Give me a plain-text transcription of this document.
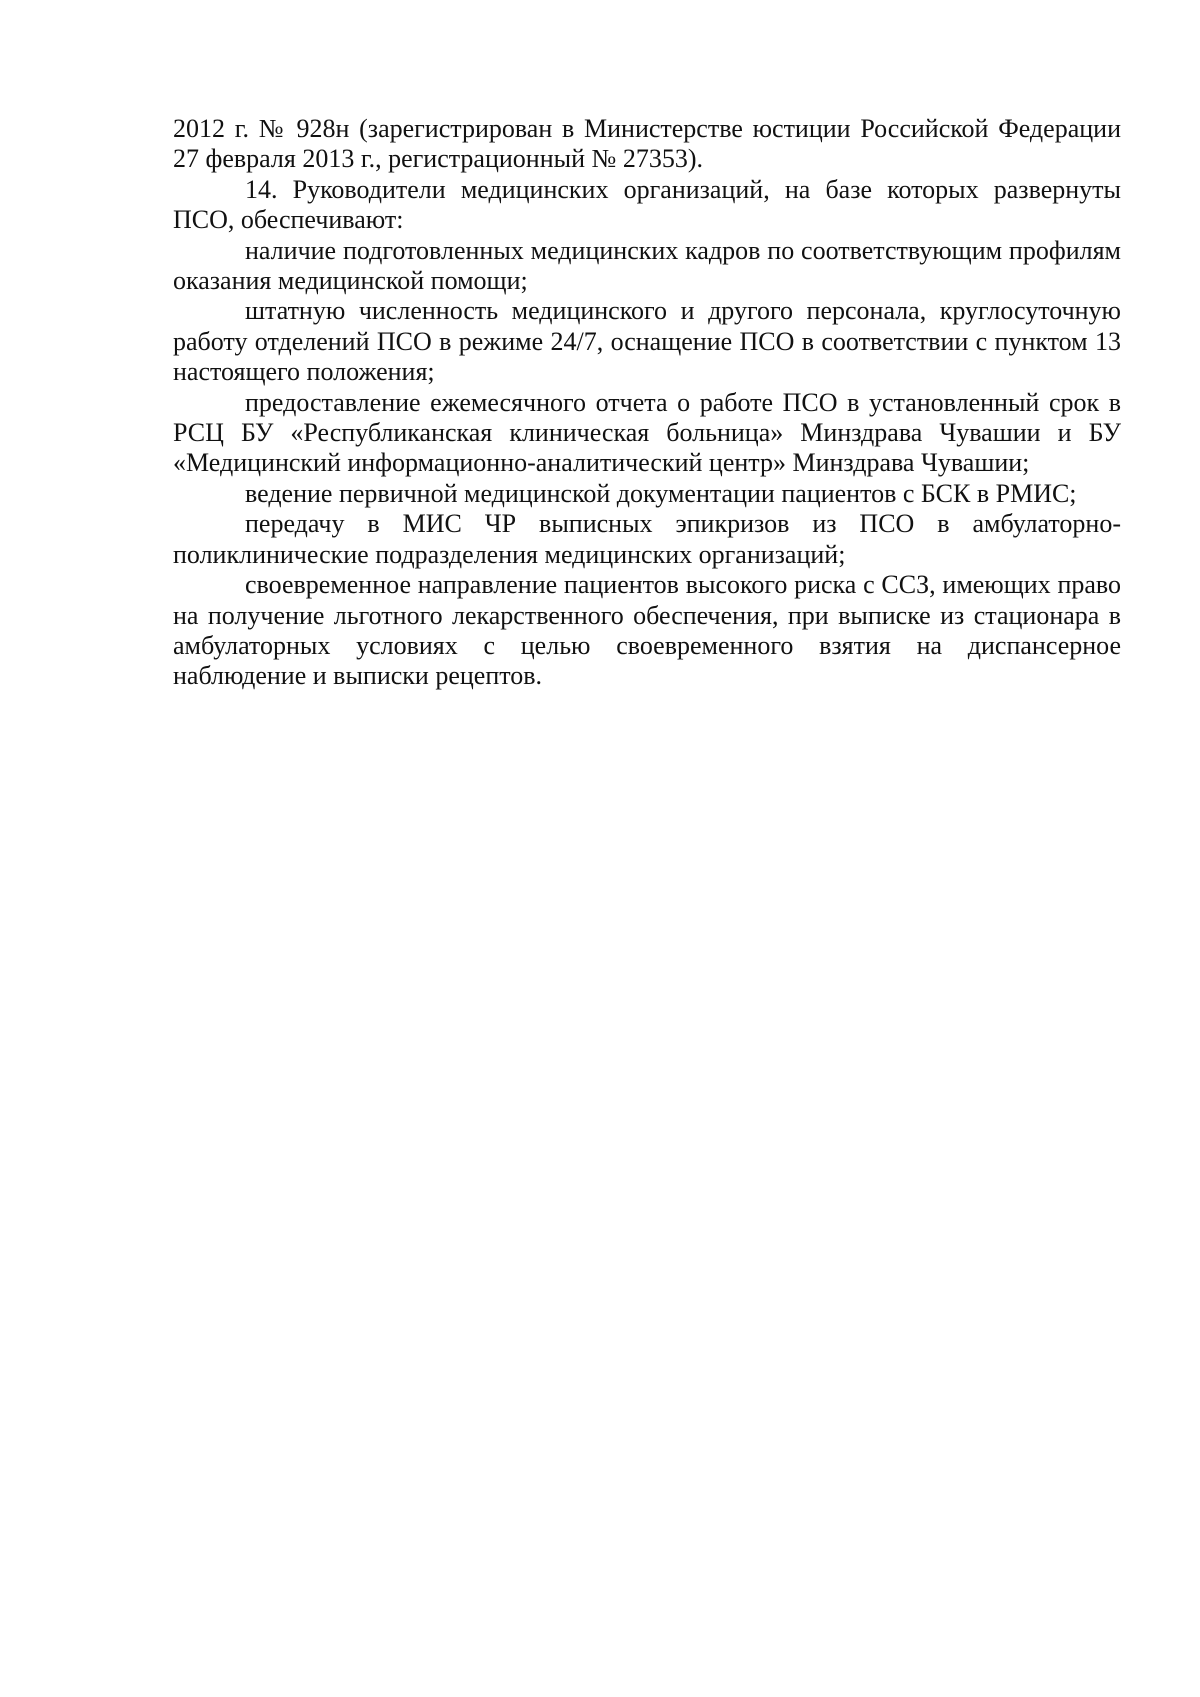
2012 г. № 928н (зарегистрирован в Министерстве юстиции Российской Федерации 27 февраля 2013 г., регистрационный № 27353).

14. Руководители медицинских организаций, на базе которых развернуты ПСО, обеспечивают:

наличие подготовленных медицинских кадров по соответствующим профилям оказания медицинской помощи;

штатную численность медицинского и другого персонала, круглосуточную работу отделений ПСО в режиме 24/7, оснащение ПСО в соответствии с пунктом 13 настоящего положения;

предоставление ежемесячного отчета о работе ПСО в установленный срок в РСЦ БУ «Республиканская клиническая больница» Минздрава Чувашии и БУ «Медицинский информационно-аналитический центр» Минздрава Чувашии;

ведение первичной медицинской документации пациентов с БСК в РМИС;

передачу в МИС ЧР выписных эпикризов из ПСО в амбулаторно-поликлинические подразделения медицинских организаций;

своевременное направление пациентов высокого риска с ССЗ, имеющих право на получение льготного лекарственного обеспечения, при выписке из стационара в амбулаторных условиях с целью своевременного взятия на диспансерное наблюдение и выписки рецептов.
